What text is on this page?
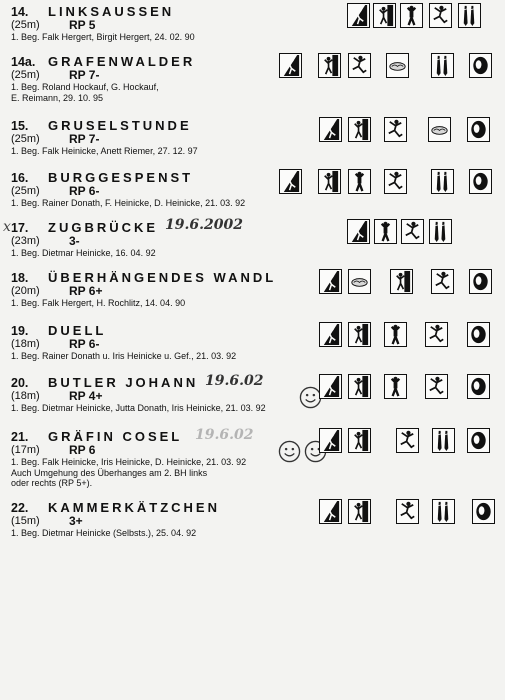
14. LINKSAUSSEN
(25m) RP 5
1. Beg. Falk Hergert, Birgit Hergert, 24. 02. 90
14a. GRAFENWALDER
(25m) RP 7-
1. Beg. Roland Hockauf, G. Hockauf,
E. Reimann, 29. 10. 95
15. GRUSELSTUNDE
(25m) RP 7-
1. Beg. Falk Heinicke, Anett Riemer, 27. 12. 97
16. BURGGESPENST
(25m) RP 6-
1. Beg. Rainer Donath, F. Heinicke, D. Heinicke, 21. 03. 92
17. ZUGBRÜCKE
(23m) 3-
1. Beg. Dietmar Heinicke, 16. 04. 92
x	19.6.2002
18. ÜBERHÄNGENDES WANDL
(20m) RP 6+
1. Beg. Falk Hergert, H. Rochlitz, 14. 04. 90
19. DUELL
(18m) RP 6-
1. Beg. Rainer Donath u. Iris Heinicke u. Gef., 21. 03. 92
20. BUTLER JOHANN
(18m) RP 4+
1. Beg. Dietmar Heinicke, Jutta Donath, Iris Heinicke, 21. 03. 92
19.6.02
21. GRÄFIN COSEL
(17m) RP 6
1. Beg. Falk Heinicke, Iris Heinicke, D. Heinicke, 21. 03. 92
Auch Umgehung des Überhanges am 2. BH links
oder rechts (RP 5+).
19.6.02
22. KAMMERKÄTZCHEN
(15m) 3+
1. Beg. Dietmar Heinicke (Selbsts.), 25. 04. 92
